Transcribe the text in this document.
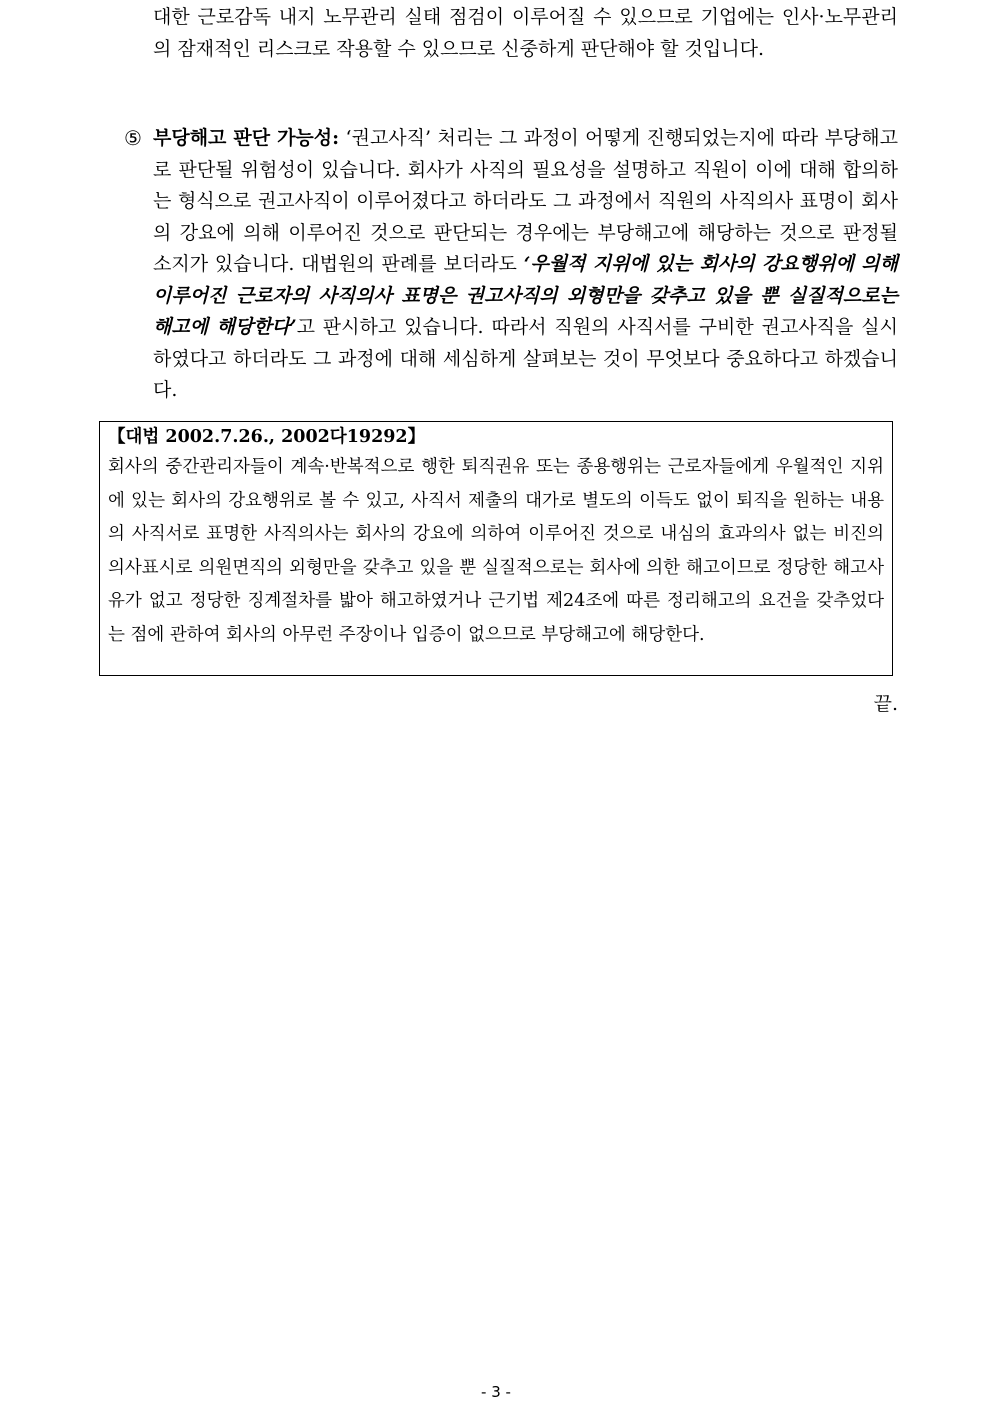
대한 근로감독 내지 노무관리 실태 점검이 이루어질 수 있으므로 기업에는 인사·노무관리의 잠재적인 리스크로 작용할 수 있으므로 신중하게 판단해야 할 것입니다.

⑤ 부당해고 판단 가능성: ‘권고사직’ 처리는 그 과정이 어떻게 진행되었는지에 따라 부당해고로 판단될 위험성이 있습니다. 회사가 사직의 필요성을 설명하고 직원이 이에 대해 합의하는 형식으로 권고사직이 이루어졌다고 하더라도 그 과정에서 직원의 사직의사 표명이 회사의 강요에 의해 이루어진 것으로 판단되는 경우에는 부당해고에 해당하는 것으로 판정될 소지가 있습니다. 대법원의 판례를 보더라도 ‘우월적 지위에 있는 회사의 강요행위에 의해 이루어진 근로자의 사직의사 표명은 권고사직의 외형만을 갖추고 있을 뿐 실질적으로는 해고에 해당한다’고 판시하고 있습니다. 따라서 직원의 사직서를 구비한 권고사직을 실시하였다고 하더라도 그 과정에 대해 세심하게 살펴보는 것이 무엇보다 중요하다고 하겠습니다.

【대법 2002.7.26., 2002다19292】

회사의 중간관리자들이 계속·반복적으로 행한 퇴직권유 또는 종용행위는 근로자들에게 우월적인 지위에 있는 회사의 강요행위로 볼 수 있고, 사직서 제출의 대가로 별도의 이득도 없이 퇴직을 원하는 내용의 사직서로 표명한 사직의사는 회사의 강요에 의하여 이루어진 것으로 내심의 효과의사 없는 비진의 의사표시로 의원면직의 외형만을 갖추고 있을 뿐 실질적으로는 회사에 의한 해고이므로 정당한 해고사유가 없고 정당한 징계절차를 밟아 해고하였거나 근기법 제24조에 따른 정리해고의 요건을 갖추었다는 점에 관하여 회사의 아무런 주장이나 입증이 없으므로 부당해고에 해당한다.

끝.
- 3 -
